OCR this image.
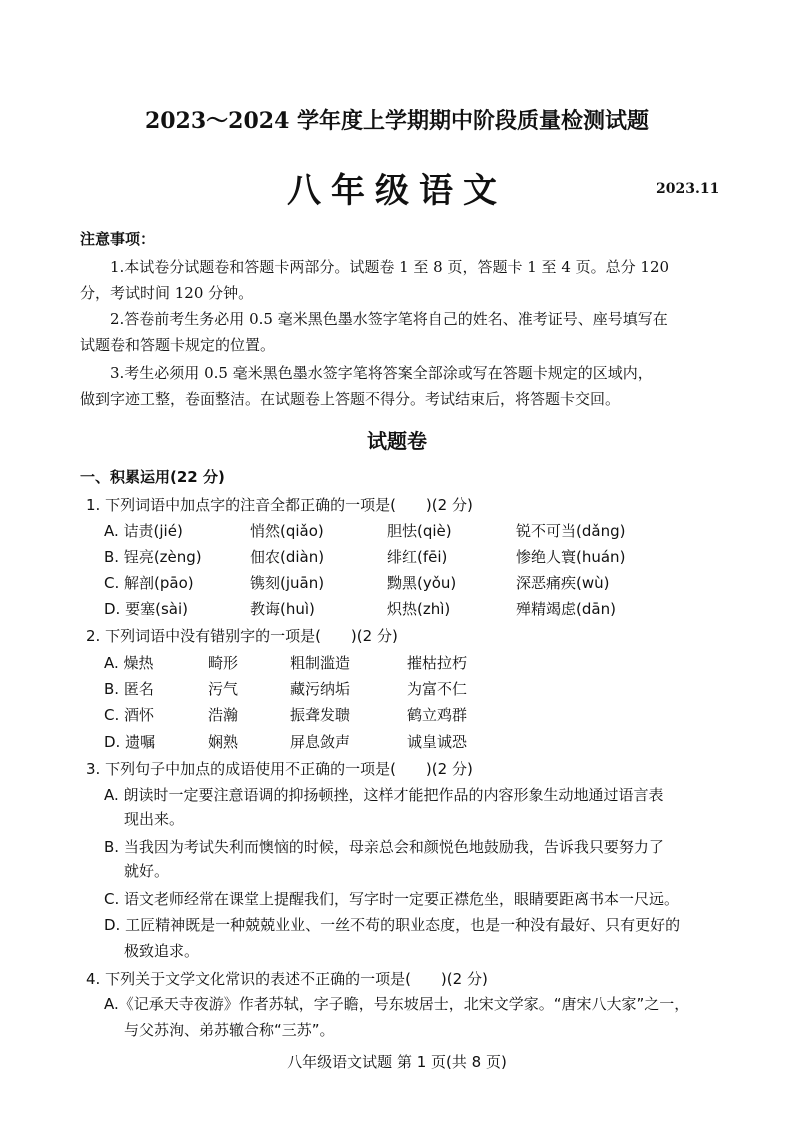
2023～2024 学年度上学期期中阶段质量检测试题
八年级语文	2023.11
注意事项：
1.本试卷分试题卷和答题卡两部分。试题卷 1 至 8 页，答题卡 1 至 4 页。总分 120
分，考试时间 120 分钟。
2.答卷前考生务必用 0.5 毫米黑色墨水签字笔将自己的姓名、准考证号、座号填写在
试题卷和答题卡规定的位置。
3.考生必须用 0.5 毫米黑色墨水签字笔将答案全部涂或写在答题卡规定的区域内，
做到字迹工整，卷面整洁。在试题卷上答题不得分。考试结束后，将答题卡交回。
试题卷
一、积累运用(22 分)
1. 下列词语中加点字的注音全都正确的一项是(　　)(2 分)
A. 诘责(jié)	悄然(qiǎo)	胆怯(qiè)	锐不可当(dǎng)
B. 锃亮(zèng)	佃农(diàn)	绯红(fēi)	惨绝人寰(huán)
C. 解剖(pāo)	镌刻(juān)	黝黑(yǒu)	深恶痛疾(wù)
D. 要塞(sài)	教诲(huì)	炽热(zhì)	殚精竭虑(dān)
2. 下列词语中没有错别字的一项是(　　)(2 分)
A. 燥热	畸形	粗制滥造	摧枯拉朽
B. 匿名	污气	藏污纳垢	为富不仁
C. 酒怀	浩瀚	振聋发聩	鹤立鸡群
D. 遗嘱	娴熟	屏息敛声	诚皇诚恐
3. 下列句子中加点的成语使用不正确的一项是(　　)(2 分)
A. 朗读时一定要注意语调的抑扬顿挫，这样才能把作品的内容形象生动地通过语言表
现出来。
B. 当我因为考试失利而懊恼的时候，母亲总会和颜悦色地鼓励我，告诉我只要努力了
就好。
C. 语文老师经常在课堂上提醒我们，写字时一定要正襟危坐，眼睛要距离书本一尺远。
D. 工匠精神既是一种兢兢业业、一丝不苟的职业态度，也是一种没有最好、只有更好的
极致追求。
4. 下列关于文学文化常识的表述不正确的一项是(　　)(2 分)
A.《记承天寺夜游》作者苏轼，字子瞻，号东坡居士，北宋文学家。“唐宋八大家”之一，
与父苏洵、弟苏辙合称“三苏”。
八年级语文试题 第 1 页(共 8 页)
